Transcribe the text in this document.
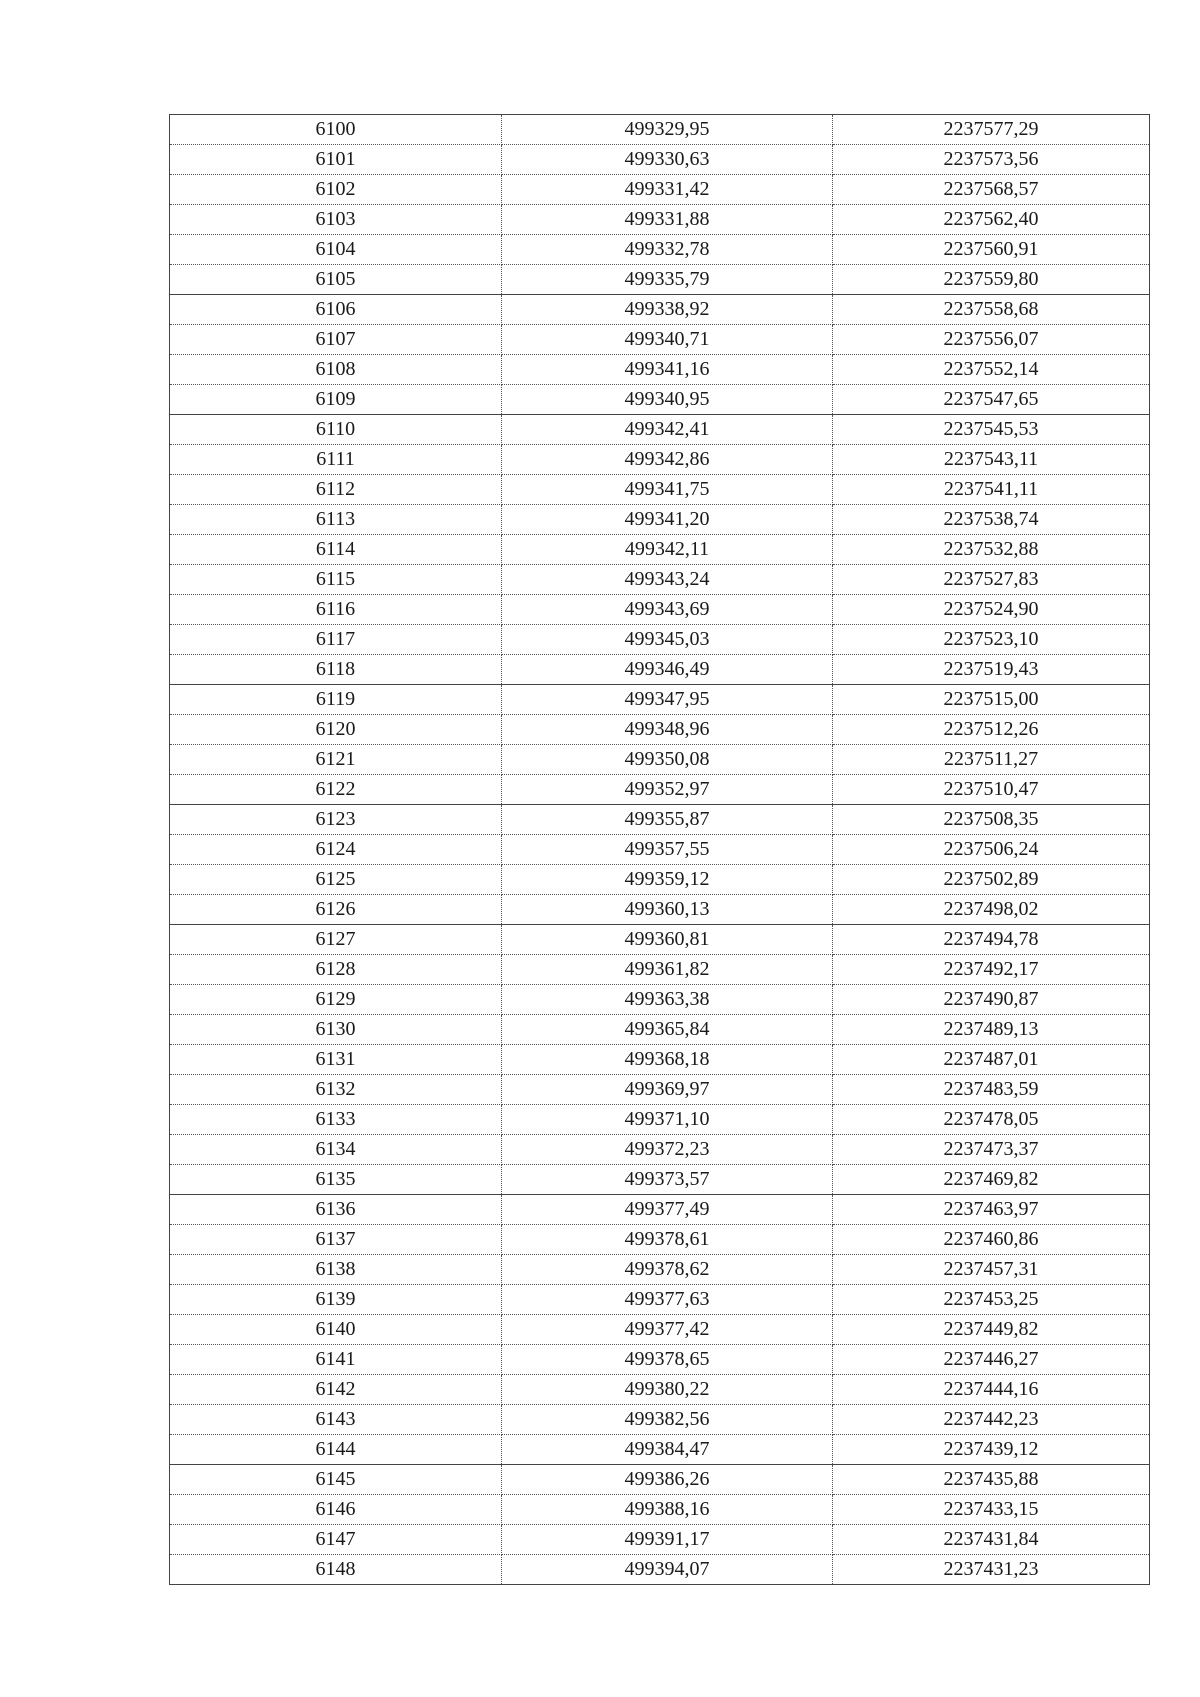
6100	499329,95	2237577,29
6101	499330,63	2237573,56
6102	499331,42	2237568,57
6103	499331,88	2237562,40
6104	499332,78	2237560,91
6105	499335,79	2237559,80
6106	499338,92	2237558,68
6107	499340,71	2237556,07
6108	499341,16	2237552,14
6109	499340,95	2237547,65
6110	499342,41	2237545,53
6111	499342,86	2237543,11
6112	499341,75	2237541,11
6113	499341,20	2237538,74
6114	499342,11	2237532,88
6115	499343,24	2237527,83
6116	499343,69	2237524,90
6117	499345,03	2237523,10
6118	499346,49	2237519,43
6119	499347,95	2237515,00
6120	499348,96	2237512,26
6121	499350,08	2237511,27
6122	499352,97	2237510,47
6123	499355,87	2237508,35
6124	499357,55	2237506,24
6125	499359,12	2237502,89
6126	499360,13	2237498,02
6127	499360,81	2237494,78
6128	499361,82	2237492,17
6129	499363,38	2237490,87
6130	499365,84	2237489,13
6131	499368,18	2237487,01
6132	499369,97	2237483,59
6133	499371,10	2237478,05
6134	499372,23	2237473,37
6135	499373,57	2237469,82
6136	499377,49	2237463,97
6137	499378,61	2237460,86
6138	499378,62	2237457,31
6139	499377,63	2237453,25
6140	499377,42	2237449,82
6141	499378,65	2237446,27
6142	499380,22	2237444,16
6143	499382,56	2237442,23
6144	499384,47	2237439,12
6145	499386,26	2237435,88
6146	499388,16	2237433,15
6147	499391,17	2237431,84
6148	499394,07	2237431,23
